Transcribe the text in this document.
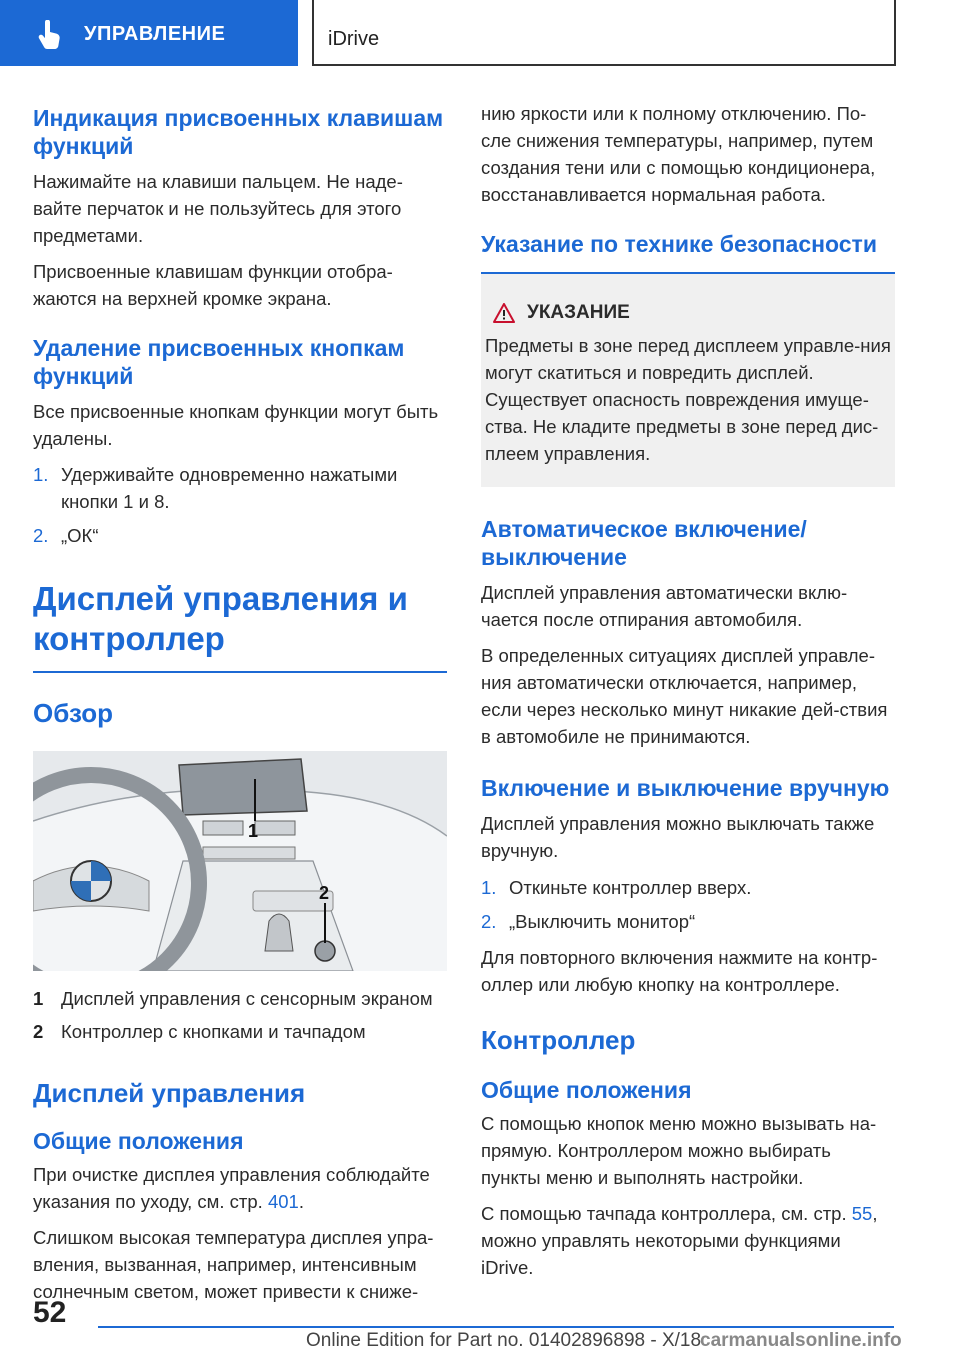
УПРАВЛЕНИЕ	iDrive
Индикация присвоенных клавишам функций

Нажимайте на клавиши пальцем. Не наде-вайте перчаток и не пользуйтесь для этого предметами.

Присвоенные клавишам функции отобра-жаются на верхней кромке экрана.

Удаление присвоенных кнопкам функций

Все присвоенные кнопкам функции могут быть удалены.

1. Удерживайте одновременно нажатыми кнопки 1 и 8.
2. „ОК“
Дисплей управления и контроллер
Обзор
1
2
1 Дисплей управления с сенсорным экраном
2 Контроллер с кнопками и тачпадом
Дисплей управления
Общие положения

При очистке дисплея управления соблюдайте указания по уходу, см. стр. 401.

Слишком высокая температура дисплея упра-вления, вызванная, например, интенсивным солнечным светом, может привести к сниже-

нию яркости или к полному отключению. По-сле снижения температуры, например, путем создания тени или с помощью кондиционера, восстанавливается нормальная работа.

Указание по технике безопасности
УКАЗАНИЕ

Предметы в зоне перед дисплеем управле-ния могут скатиться и повредить дисплей. Существует опасность повреждения имуще-ства. Не кладите предметы в зоне перед дис-плеем управления.

Автоматическое включение/ выключение

Дисплей управления автоматически вклю-чается после отпирания автомобиля.

В определенных ситуациях дисплей управле-ния автоматически отключается, например, если через несколько минут никакие дей-ствия в автомобиле не принимаются.

Включение и выключение вручную

Дисплей управления можно выключать также вручную.

1. Откиньте контроллер вверх.
2. „Выключить монитор“

Для повторного включения нажмите на контр-оллер или любую кнопку на контроллере.

Контроллер
Общие положения

С помощью кнопок меню можно вызывать на-прямую. Контроллером можно выбирать пункты меню и выполнять настройки.

С помощью тачпада контроллера, см. стр. 55, можно управлять некоторыми функциями iDrive.

52
Online Edition for Part no. 01402896898 - X/18
carmanualsonline.info
